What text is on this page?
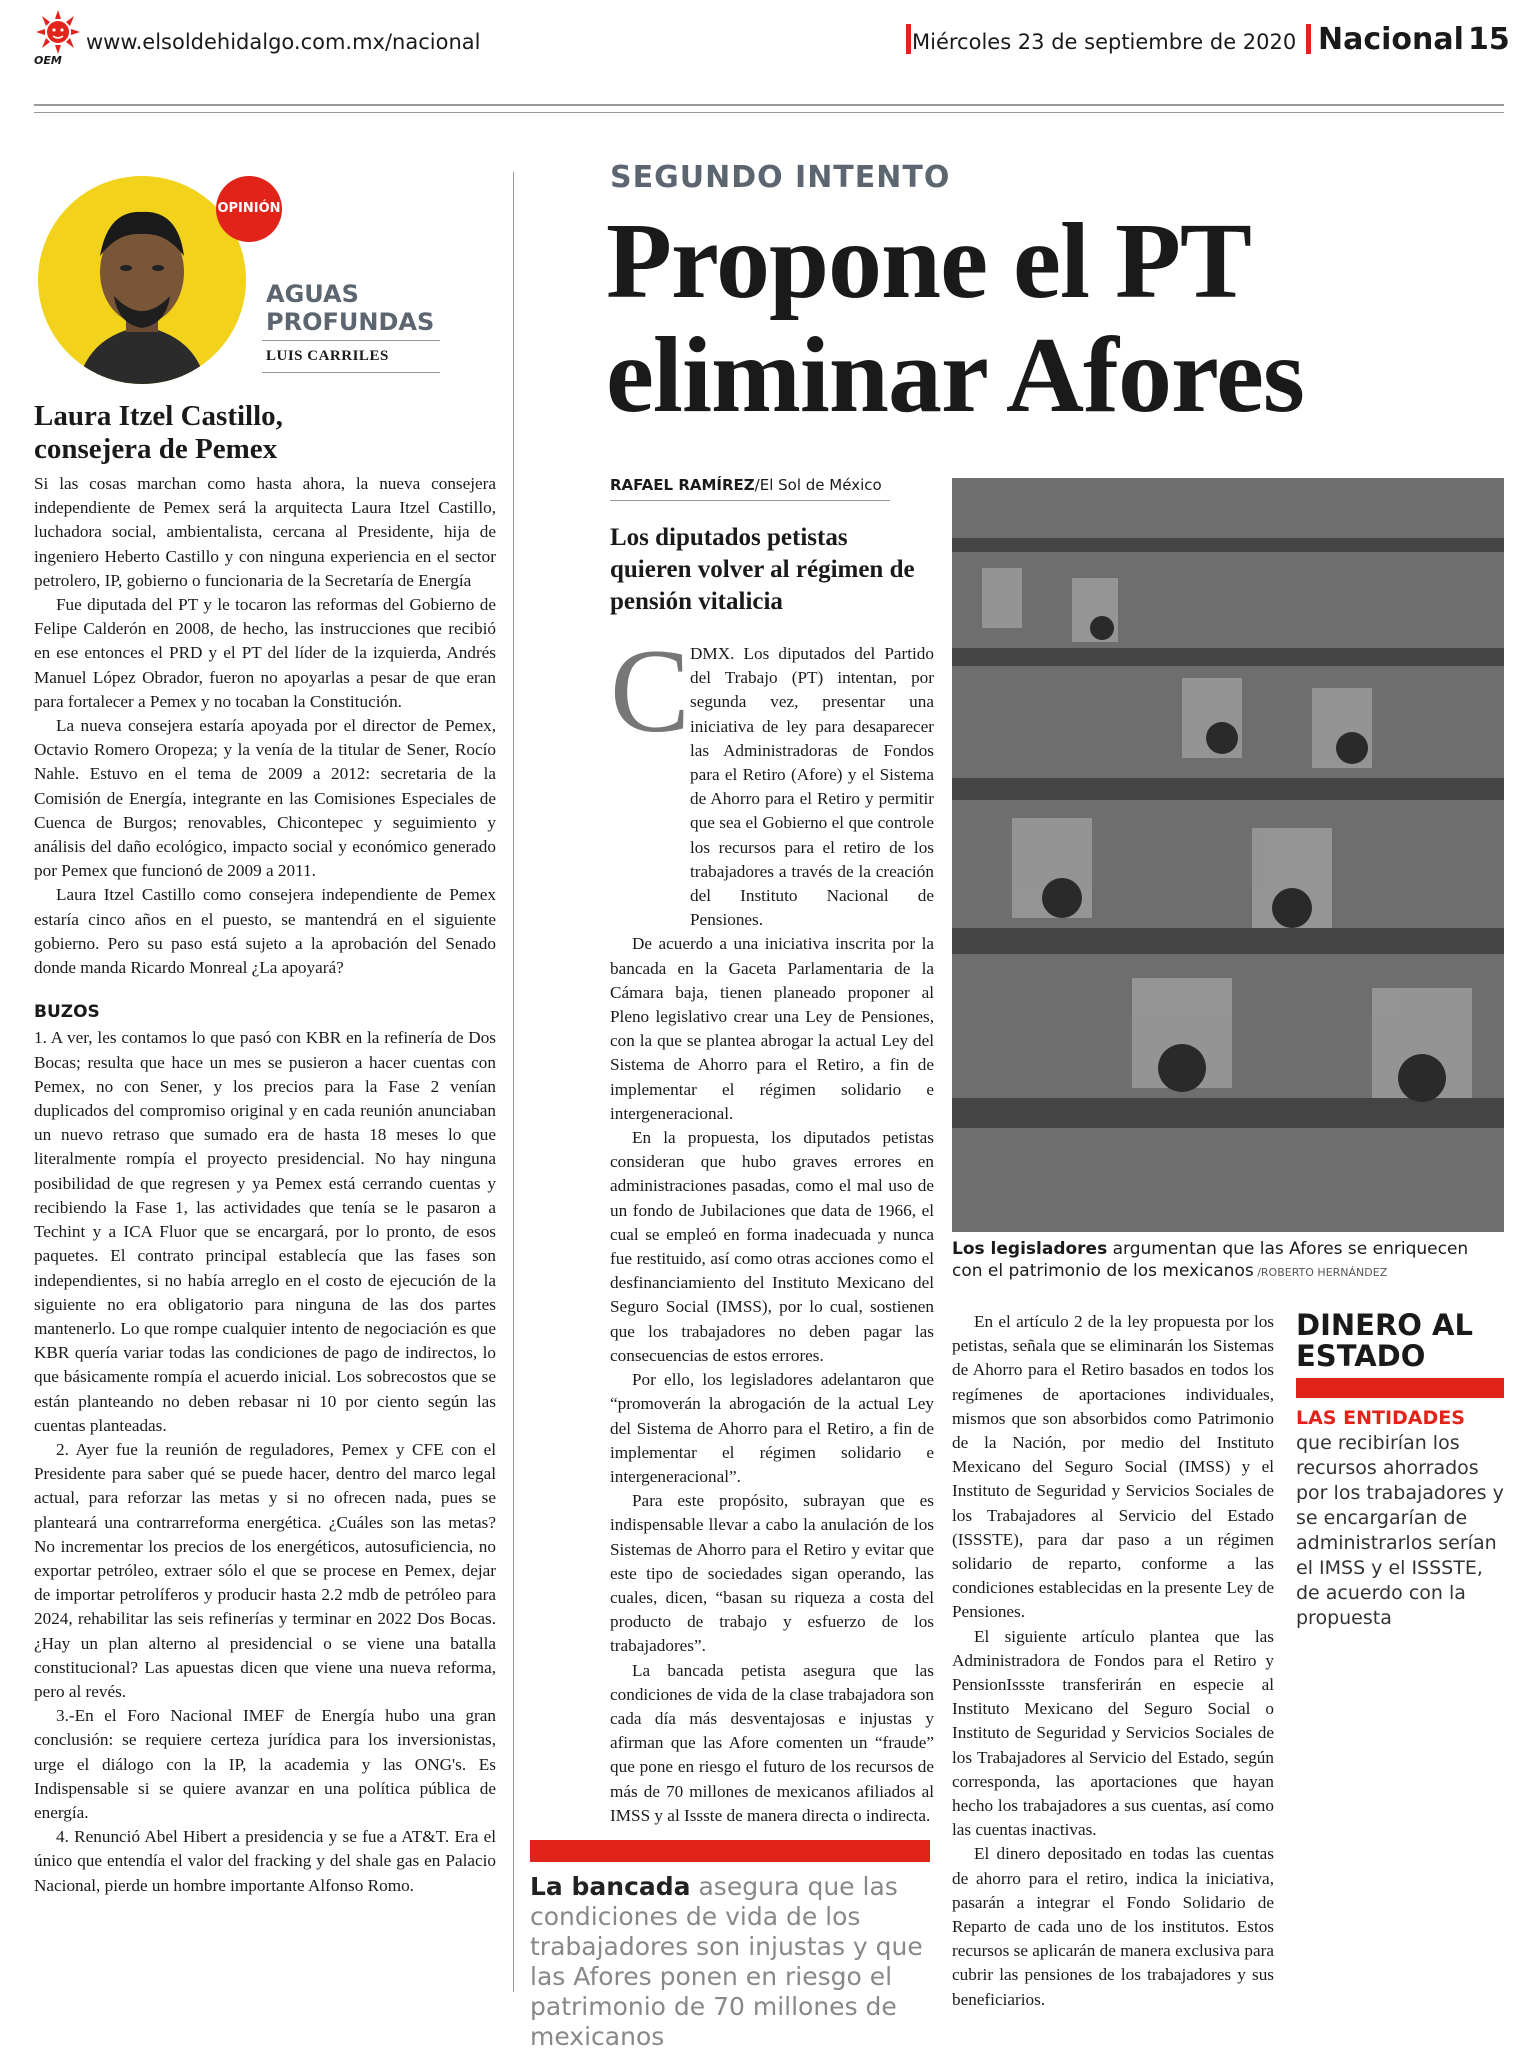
OEM
www.elsoldehidalgo.com.mx/nacional	Miércoles 23 de septiembre de 2020 Nacional 15
OPINIÓN
AGUAS
PROFUNDAS
LUIS CARRILES
Laura Itzel Castillo,
consejera de Pemex

Si las cosas marchan como hasta ahora, la nueva consejera independiente de Pemex será la arquitecta Laura Itzel Castillo, luchadora social, ambientalista, cercana al Presidente, hija de ingeniero Heberto Castillo y con ninguna experiencia en el sector petrolero, IP, gobierno o funcionaria de la Secretaría de Energía

Fue diputada del PT y le tocaron las reformas del Gobierno de Felipe Calderón en 2008, de hecho, las instrucciones que recibió en ese entonces el PRD y el PT del líder de la izquierda, Andrés Manuel López Obrador, fueron no apoyarlas a pesar de que eran para fortalecer a Pemex y no tocaban la Constitución.

La nueva consejera estaría apoyada por el director de Pemex, Octavio Romero Oropeza; y la venía de la titular de Sener, Rocío Nahle. Estuvo en el tema de 2009 a 2012: secretaria de la Comisión de Energía, integrante en las Comisiones Especiales de Cuenca de Burgos; renovables, Chicontepec y seguimiento y análisis del daño ecológico, impacto social y económico generado por Pemex que funcionó de 2009 a 2011.

Laura Itzel Castillo como consejera independiente de Pemex estaría cinco años en el puesto, se mantendrá en el siguiente gobierno. Pero su paso está sujeto a la aprobación del Senado donde manda Ricardo Monreal ¿La apoyará?

BUZOS

1. A ver, les contamos lo que pasó con KBR en la refinería de Dos Bocas; resulta que hace un mes se pusieron a hacer cuentas con Pemex, no con Sener, y los precios para la Fase 2 venían duplicados del compromiso original y en cada reunión anunciaban un nuevo retraso que sumado era de hasta 18 meses lo que literalmente rompía el proyecto presidencial. No hay ninguna posibilidad de que regresen y ya Pemex está cerrando cuentas y recibiendo la Fase 1, las actividades que tenía se le pasaron a Techint y a ICA Fluor que se encargará, por lo pronto, de esos paquetes. El contrato principal establecía que las fases son independientes, si no había arreglo en el costo de ejecución de la siguiente no era obligatorio para ninguna de las dos partes mantenerlo. Lo que rompe cualquier intento de negociación es que KBR quería variar todas las condiciones de pago de indirectos, lo que básicamente rompía el acuerdo inicial. Los sobrecostos que se están planteando no deben rebasar ni 10 por ciento según las cuentas planteadas.

2. Ayer fue la reunión de reguladores, Pemex y CFE con el Presidente para saber qué se puede hacer, dentro del marco legal actual, para reforzar las metas y si no ofrecen nada, pues se planteará una contrarreforma energética. ¿Cuáles son las metas? No incrementar los precios de los energéticos, autosuficiencia, no exportar petróleo, extraer sólo el que se procese en Pemex, dejar de importar petrolíferos y producir hasta 2.2 mdb de petróleo para 2024, rehabilitar las seis refinerías y terminar en 2022 Dos Bocas. ¿Hay un plan alterno al presidencial o se viene una batalla constitucional? Las apuestas dicen que viene una nueva reforma, pero al revés.

3.-En el Foro Nacional IMEF de Energía hubo una gran conclusión: se requiere certeza jurídica para los inversionistas, urge el diálogo con la IP, la academia y las ONG's. Es Indispensable si se quiere avanzar en una política pública de energía.

4. Renunció Abel Hibert a presidencia y se fue a AT&T. Era el único que entendía el valor del fracking y del shale gas en Palacio Nacional, pierde un hombre importante Alfonso Romo.

SEGUNDO INTENTO
Propone el PT
eliminar Afores
RAFAEL RAMÍREZ/El Sol de México
Los diputados petistas quieren volver al régimen de pensión vitalicia
C DMX. Los diputados del Partido del Trabajo (PT) intentan, por segunda vez, presentar una iniciativa de ley para desaparecer las Administradoras de Fondos para el Retiro (Afore) y el Sistema de Ahorro para el Retiro y permitir que sea el Gobierno el que controle los recursos para el retiro de los trabajadores a través de la creación del Instituto Nacional de Pensiones.

De acuerdo a una iniciativa inscrita por la bancada en la Gaceta Parlamentaria de la Cámara baja, tienen planeado proponer al Pleno legislativo crear una Ley de Pensiones, con la que se plantea abrogar la actual Ley del Sistema de Ahorro para el Retiro, a fin de implementar el régimen solidario e intergeneracional.

En la propuesta, los diputados petistas consideran que hubo graves errores en administraciones pasadas, como el mal uso de un fondo de Jubilaciones que data de 1966, el cual se empleó en forma inadecuada y nunca fue restituido, así como otras acciones como el desfinanciamiento del Instituto Mexicano del Seguro Social (IMSS), por lo cual, sostienen que los trabajadores no deben pagar las consecuencias de estos errores.

Por ello, los legisladores adelantaron que “promoverán la abrogación de la actual Ley del Sistema de Ahorro para el Retiro, a fin de implementar el régimen solidario e intergeneracional”.

Para este propósito, subrayan que es indispensable llevar a cabo la anulación de los Sistemas de Ahorro para el Retiro y evitar que este tipo de sociedades sigan operando, las cuales, dicen, “basan su riqueza a costa del producto de trabajo y esfuerzo de los trabajadores”.

La bancada petista asegura que las condiciones de vida de la clase trabajadora son cada día más desventajosas e injustas y afirman que las Afore comenten un “fraude” que pone en riesgo el futuro de los recursos de más de 70 millones de mexicanos afiliados al IMSS y al Issste de manera directa o indirecta.

Los legisladores argumentan que las Afores se enriquecen con el patrimonio de los mexicanos /ROBERTO HERNÁNDEZ

En el artículo 2 de la ley propuesta por los petistas, señala que se eliminarán los Sistemas de Ahorro para el Retiro basados en todos los regímenes de aportaciones individuales, mismos que son absorbidos como Patrimonio de la Nación, por medio del Instituto Mexicano del Seguro Social (IMSS) y el Instituto de Seguridad y Servicios Sociales de los Trabajadores al Servicio del Estado (ISSSTE), para dar paso a un régimen solidario de reparto, conforme a las condiciones establecidas en la presente Ley de Pensiones.

El siguiente artículo plantea que las Administradora de Fondos para el Retiro y PensionIssste transferirán en especie al Instituto Mexicano del Seguro Social o Instituto de Seguridad y Servicios Sociales de los Trabajadores al Servicio del Estado, según corresponda, las aportaciones que hayan hecho los trabajadores a sus cuentas, así como las cuentas inactivas.

El dinero depositado en todas las cuentas de ahorro para el retiro, indica la iniciativa, pasarán a integrar el Fondo Solidario de Reparto de cada uno de los institutos. Estos recursos se aplicarán de manera exclusiva para cubrir las pensiones de los trabajadores y sus beneficiarios.

DINERO AL ESTADO
LAS ENTIDADES que recibirían los recursos ahorrados por los trabajadores y se encargarían de administrarlos serían el IMSS y el ISSSTE, de acuerdo con la propuesta
La bancada asegura que las condiciones de vida de los trabajadores son injustas y que las Afores ponen en riesgo el patrimonio de 70 millones de mexicanos
